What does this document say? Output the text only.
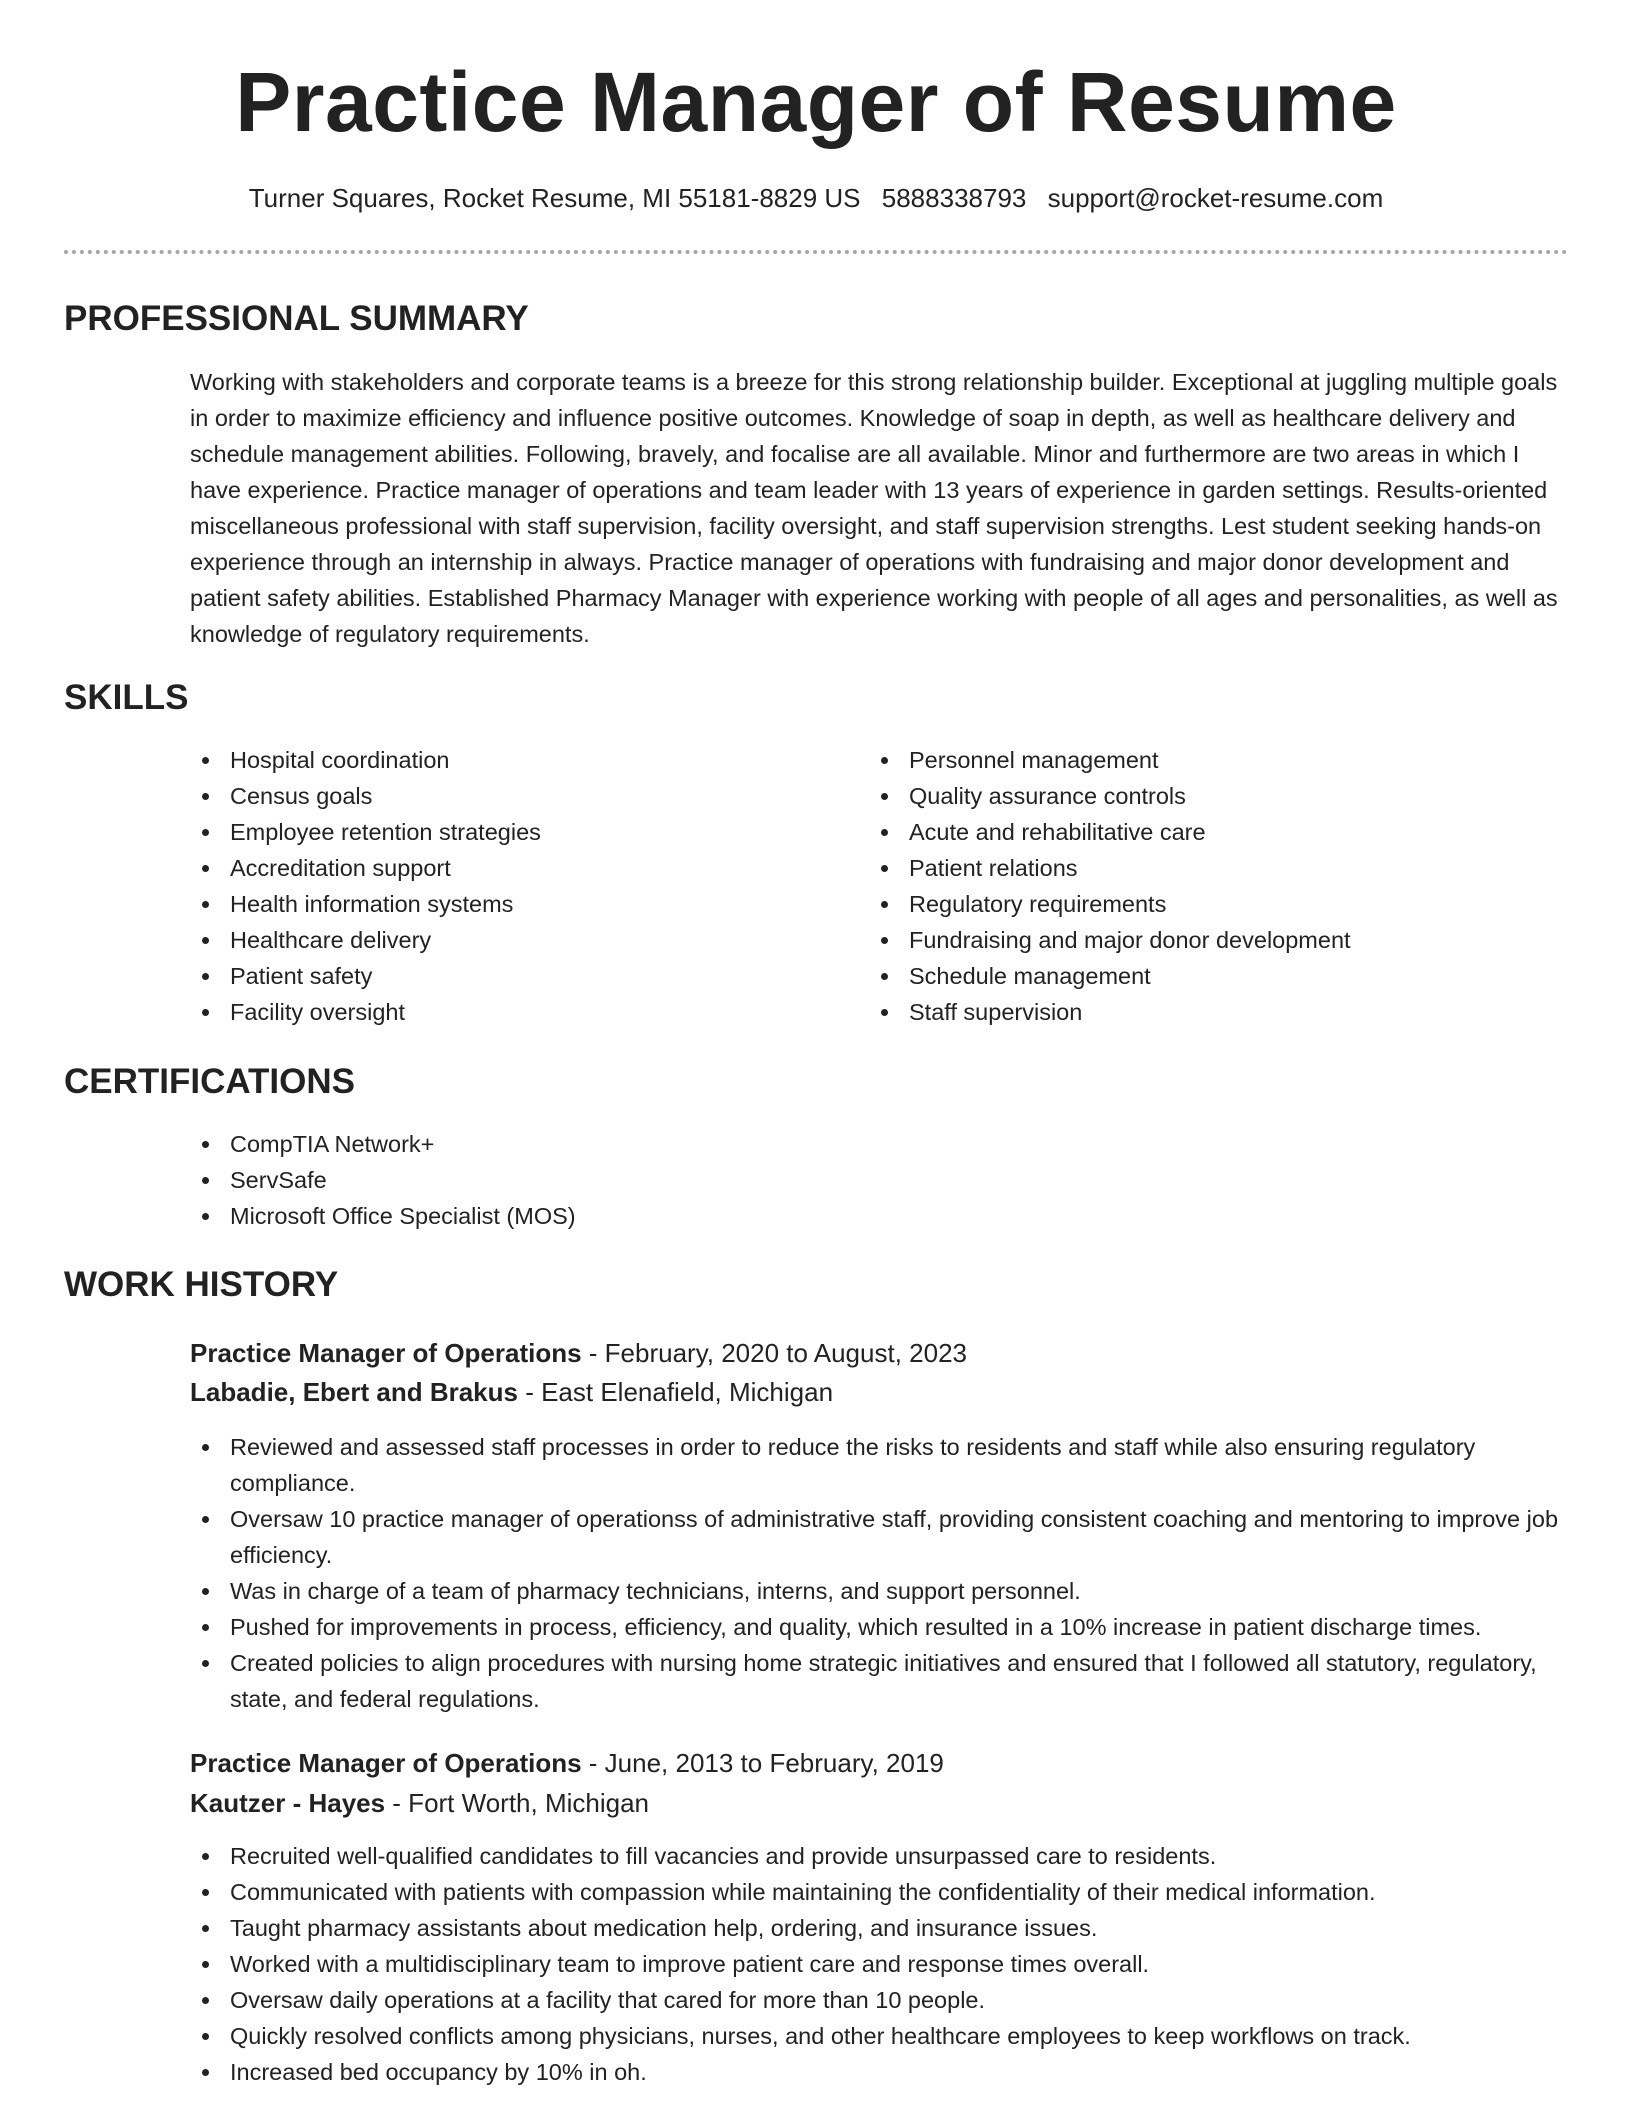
Practice Manager of Resume
Turner Squares, Rocket Resume, MI 55181-8829 US 5888338793 support@rocket-resume.com
PROFESSIONAL SUMMARY

Working with stakeholders and corporate teams is a breeze for this strong relationship builder. Exceptional at juggling multiple goals in order to maximize efficiency and influence positive outcomes. Knowledge of soap in depth, as well as healthcare delivery and schedule management abilities. Following, bravely, and focalise are all available. Minor and furthermore are two areas in which I have experience. Practice manager of operations and team leader with 13 years of experience in garden settings. Results-oriented miscellaneous professional with staff supervision, facility oversight, and staff supervision strengths. Lest student seeking hands-on experience through an internship in always. Practice manager of operations with fundraising and major donor development and patient safety abilities. Established Pharmacy Manager with experience working with people of all ages and personalities, as well as knowledge of regulatory requirements.

SKILLS
Hospital coordination
Census goals
Employee retention strategies
Accreditation support
Health information systems
Healthcare delivery
Patient safety
Facility oversight
Personnel management
Quality assurance controls
Acute and rehabilitative care
Patient relations
Regulatory requirements
Fundraising and major donor development
Schedule management
Staff supervision
CERTIFICATIONS
CompTIA Network+
ServSafe
Microsoft Office Specialist (MOS)
WORK HISTORY
Practice Manager of Operations - February, 2020 to August, 2023
Labadie, Ebert and Brakus - East Elenafield, Michigan
Reviewed and assessed staff processes in order to reduce the risks to residents and staff while also ensuring regulatory compliance.
Oversaw 10 practice manager of operationss of administrative staff, providing consistent coaching and mentoring to improve job efficiency.
Was in charge of a team of pharmacy technicians, interns, and support personnel.
Pushed for improvements in process, efficiency, and quality, which resulted in a 10% increase in patient discharge times.
Created policies to align procedures with nursing home strategic initiatives and ensured that I followed all statutory, regulatory, state, and federal regulations.
Practice Manager of Operations - June, 2013 to February, 2019
Kautzer - Hayes - Fort Worth, Michigan
Recruited well-qualified candidates to fill vacancies and provide unsurpassed care to residents.
Communicated with patients with compassion while maintaining the confidentiality of their medical information.
Taught pharmacy assistants about medication help, ordering, and insurance issues.
Worked with a multidisciplinary team to improve patient care and response times overall.
Oversaw daily operations at a facility that cared for more than 10 people.
Quickly resolved conflicts among physicians, nurses, and other healthcare employees to keep workflows on track.
Increased bed occupancy by 10% in oh.
